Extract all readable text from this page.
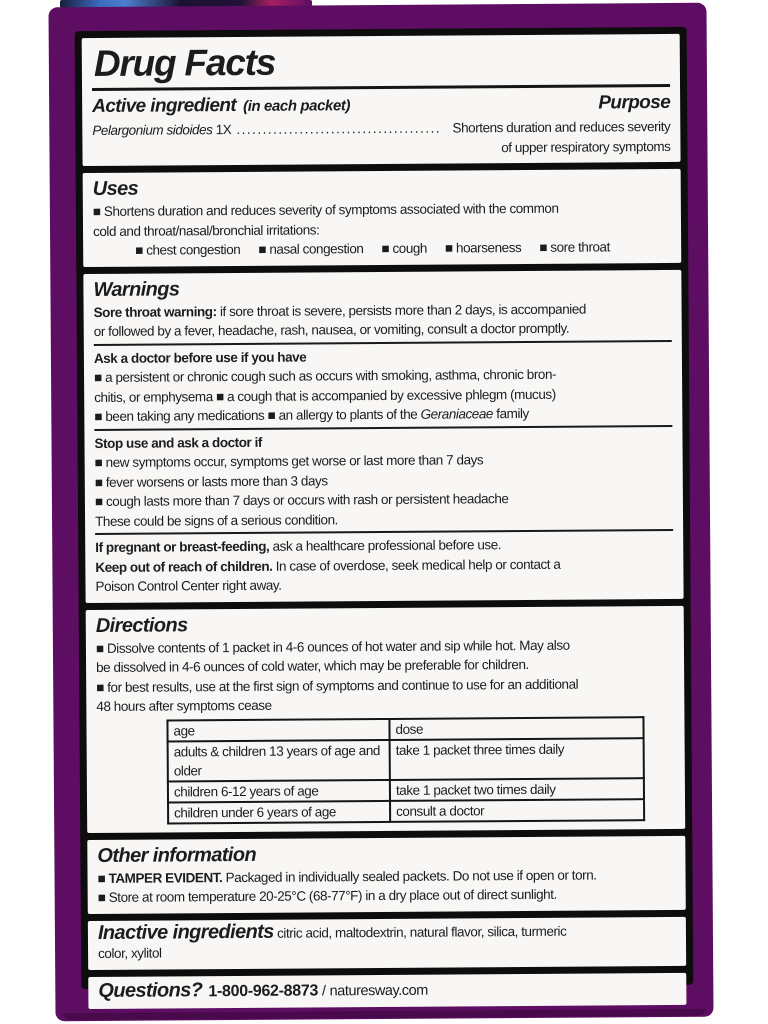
Drug Facts
Active ingredient (in each packet)	Purpose
Pelargonium sidoides 1X ....................................... Shortens duration and reduces severity
of upper respiratory symptoms
Uses
■ Shortens duration and reduces severity of symptoms associated with the common
cold and throat/nasal/bronchial irritations:
■ chest congestion ■ nasal congestion ■ cough ■ hoarseness ■ sore throat
Warnings
Sore throat warning: if sore throat is severe, persists more than 2 days, is accompanied
or followed by a fever, headache, rash, nausea, or vomiting, consult a doctor promptly.
Ask a doctor before use if you have
■ a persistent or chronic cough such as occurs with smoking, asthma, chronic bron-
chitis, or emphysema ■ a cough that is accompanied by excessive phlegm (mucus)
■ been taking any medications ■ an allergy to plants of the Geraniaceae family
Stop use and ask a doctor if
■ new symptoms occur, symptoms get worse or last more than 7 days
■ fever worsens or lasts more than 3 days
■ cough lasts more than 7 days or occurs with rash or persistent headache
These could be signs of a serious condition.
If pregnant or breast-feeding, ask a healthcare professional before use.
Keep out of reach of children. In case of overdose, seek medical help or contact a
Poison Control Center right away.
Directions
■ Dissolve contents of 1 packet in 4-6 ounces of hot water and sip while hot. May also
be dissolved in 4-6 ounces of cold water, which may be preferable for children.
■ for best results, use at the first sign of symptoms and continue to use for an additional
48 hours after symptoms cease
age	dose
adults & children 13 years of age and older	take 1 packet three times daily
children 6-12 years of age	take 1 packet two times daily
children under 6 years of age	consult a doctor
Other information
■ TAMPER EVIDENT. Packaged in individually sealed packets. Do not use if open or torn.
■ Store at room temperature 20-25°C (68-77°F) in a dry place out of direct sunlight.
Inactive ingredients citric acid, maltodextrin, natural flavor, silica, turmeric
color, xylitol
Questions? 1-800-962-8873 / naturesway.com
